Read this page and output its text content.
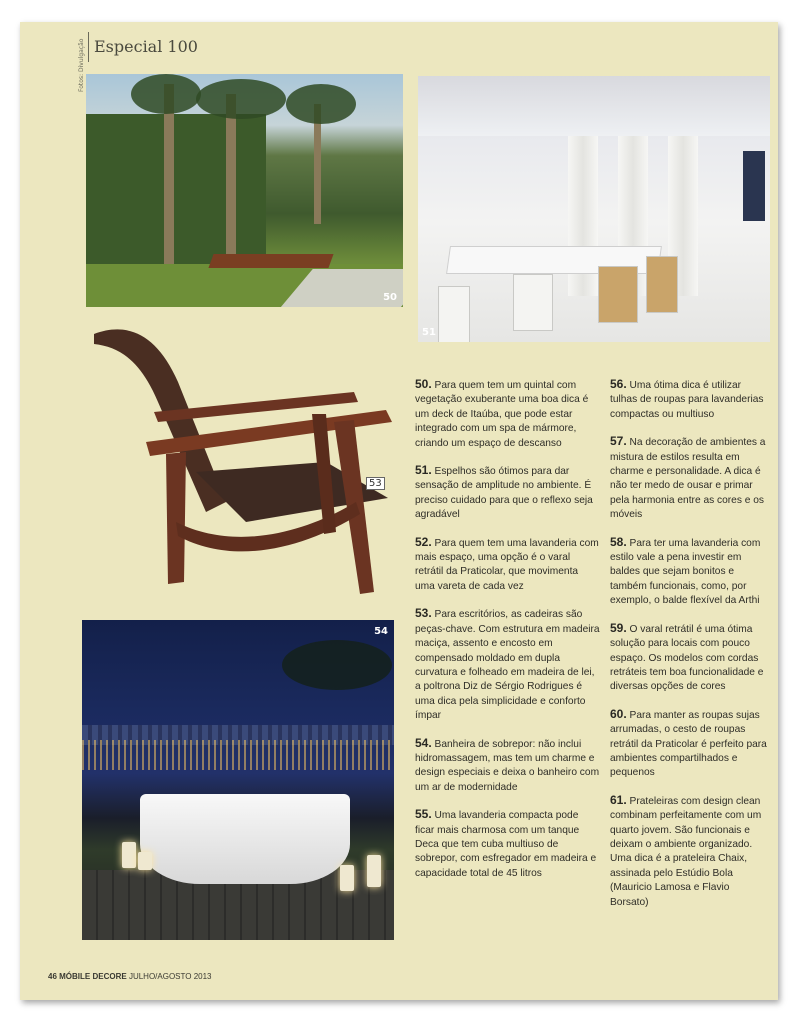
Especial 100
Fotos: Divulgação
50
51
53
54
50. Para quem tem um quintal com vegetação exuberante uma boa dica é um deck de Itaúba, que pode estar integrado com um spa de mármore, criando um espaço de descanso
51. Espelhos são ótimos para dar sensação de amplitude no ambiente. É preciso cuidado para que o reflexo seja agradável
52. Para quem tem uma lavanderia com mais espaço, uma opção é o varal retrátil da Praticolar, que movimenta uma vareta de cada vez
53. Para escritórios, as cadeiras são peças-chave. Com estrutura em madeira maciça, assento e encosto em compensado moldado em dupla curvatura e folheado em madeira de lei, a poltrona Diz de Sérgio Rodrigues é uma dica pela simplicidade e conforto ímpar
54. Banheira de sobrepor: não inclui hidromassagem, mas tem um charme e design especiais e deixa o banheiro com um ar de modernidade
55. Uma lavanderia compacta pode ficar mais charmosa com um tanque Deca que tem cuba multiuso de sobrepor, com esfregador em madeira e capacidade total de 45 litros
56. Uma ótima dica é utilizar tulhas de roupas para lavanderias compactas ou multiuso
57. Na decoração de ambientes a mistura de estilos resulta em charme e personalidade. A dica é não ter medo de ousar e primar pela harmonia entre as cores e os móveis
58. Para ter uma lavanderia com estilo vale a pena investir em baldes que sejam bonitos e também funcionais, como, por exemplo, o balde flexível da Arthi
59. O varal retrátil é uma ótima solução para locais com pouco espaço. Os modelos com cordas retráteis tem boa funcionalidade e diversas opções de cores
60. Para manter as roupas sujas arrumadas, o cesto de roupas retrátil da Praticolar é perfeito para ambientes compartilhados e pequenos
61. Prateleiras com design clean combinam perfeitamente com um quarto jovem. São funcionais e deixam o ambiente organizado. Uma dica é a prateleira Chaix, assinada pelo Estúdio Bola (Mauricio Lamosa e Flavio Borsato)
46 MÓBILE DECORE JULHO/AGOSTO 2013
